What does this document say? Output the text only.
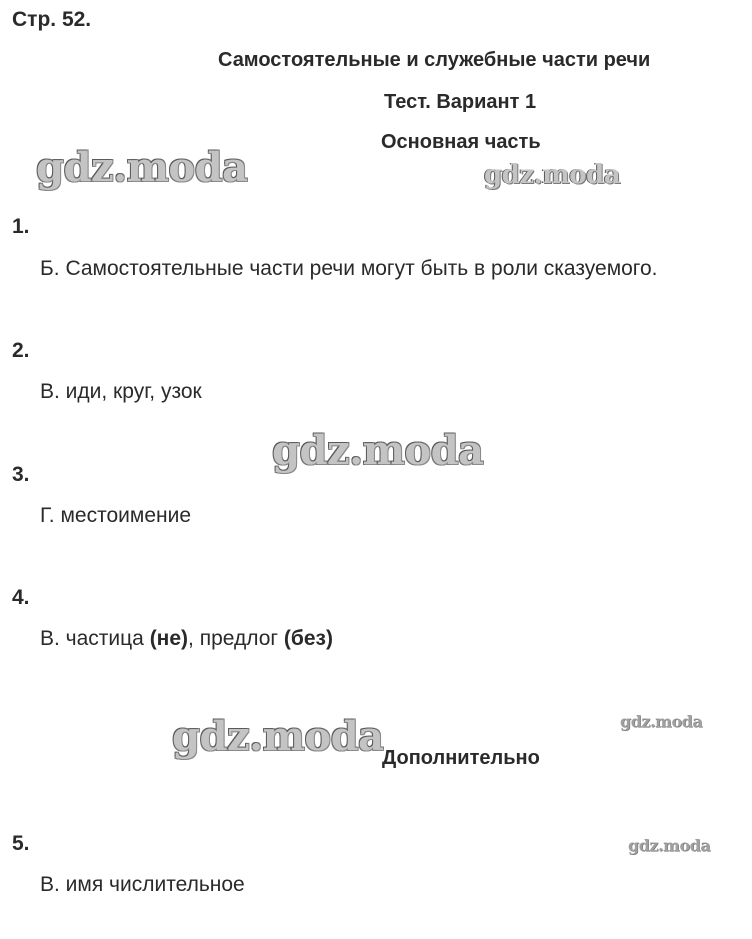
Стр. 52.
Самостоятельные и служебные части речи
Тест. Вариант 1
Основная часть
gdz.moda	gdz.moda
gdz.moda
gdz.moda	gdz.moda
gdz.moda
1.
Б. Самостоятельные части речи могут быть в роли сказуемого.
2.
В. иди, круг, узок
3.
Г. местоимение
4.
В. частица (не), предлог (без)
Дополнительно
5.
В. имя числительное
